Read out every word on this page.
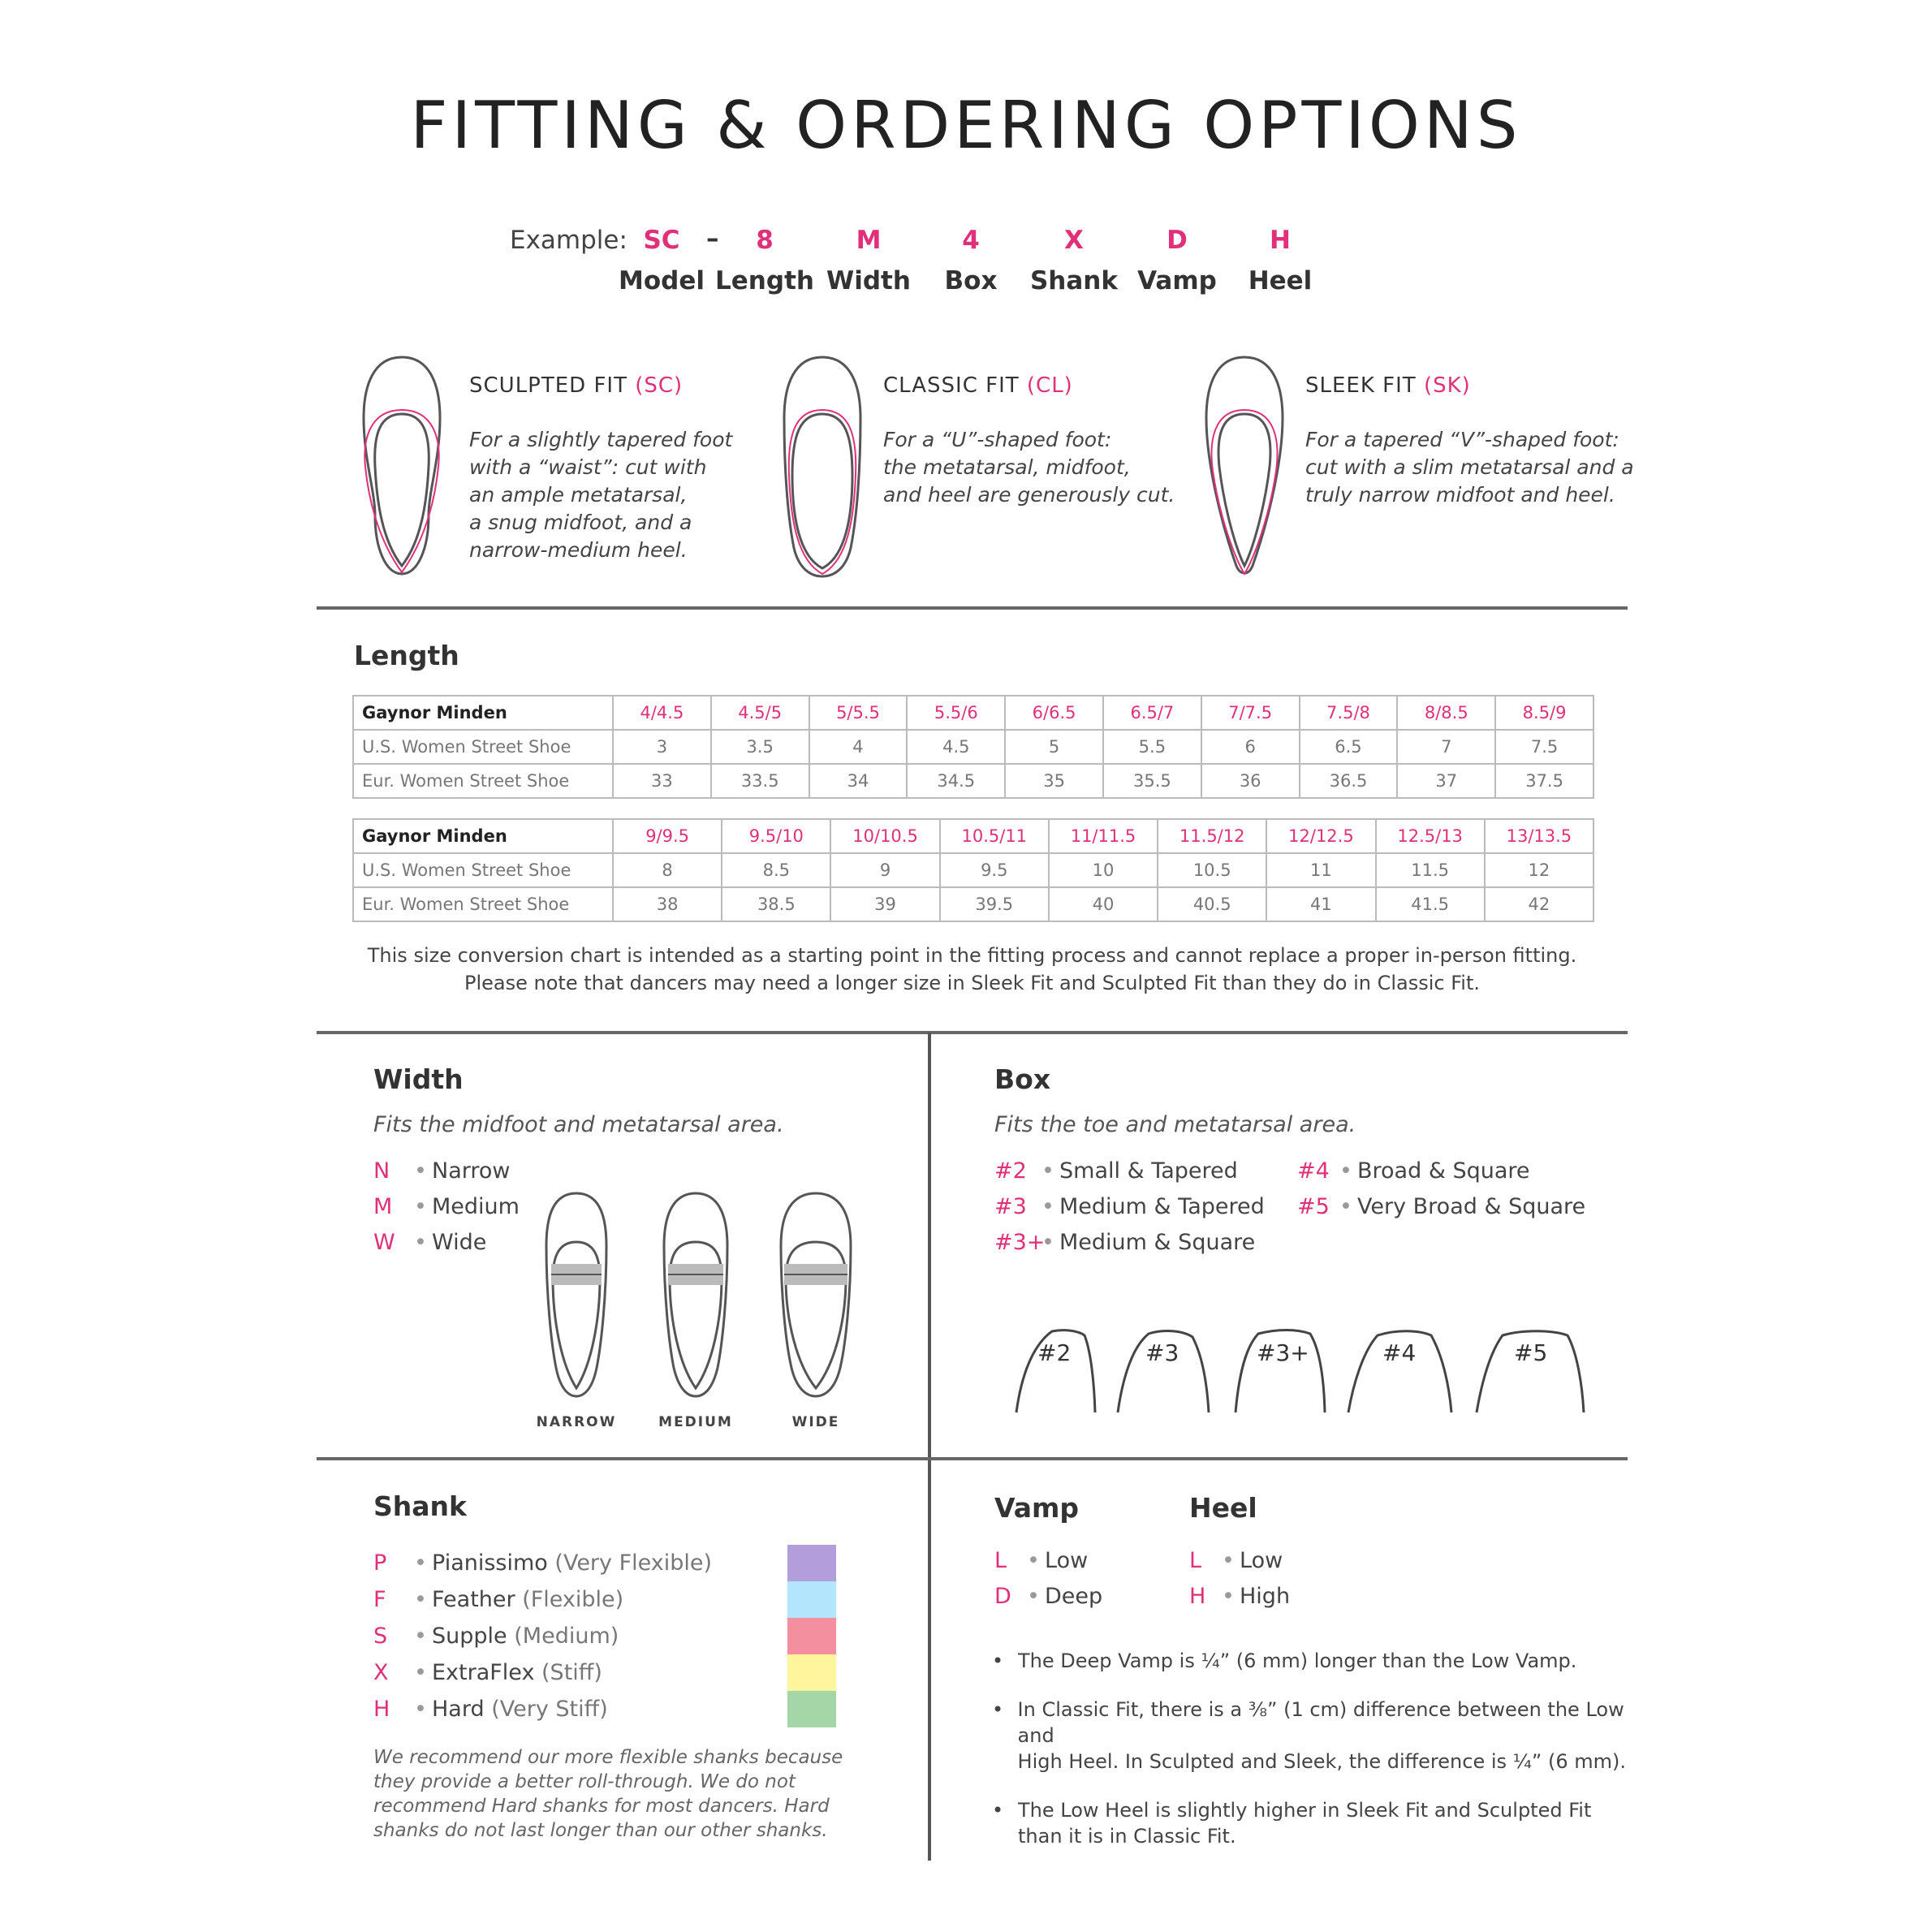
FITTING & ORDERING OPTIONS
Example: SC	–	8	M	4	X	D	H
Model Length Width	Box	Shank Vamp	Heel
SCULPTED FIT (SC)
For a slightly tapered foot
with a “waist”: cut with
an ample metatarsal,
a snug midfoot, and a
narrow-medium heel.
CLASSIC FIT (CL)
For a “U”-shaped foot:
the metatarsal, midfoot,
and heel are generously cut.
SLEEK FIT (SK)
For a tapered “V”-shaped foot:
cut with a slim metatarsal and a
truly narrow midfoot and heel.
Length
Gaynor Minden	4/4.5	4.5/5	5/5.5	5.5/6	6/6.5	6.5/7	7/7.5	7.5/8	8/8.5	8.5/9
U.S. Women Street Shoe	3	3.5	4	4.5	5	5.5	6	6.5	7	7.5
Eur. Women Street Shoe	33	33.5	34	34.5	35	35.5	36	36.5	37	37.5
Gaynor Minden	9/9.5	9.5/10	10/10.5	10.5/11	11/11.5	11.5/12	12/12.5	12.5/13	13/13.5
U.S. Women Street Shoe	8	8.5	9	9.5	10	10.5	11	11.5	12
Eur. Women Street Shoe	38	38.5	39	39.5	40	40.5	41	41.5	42
This size conversion chart is intended as a starting point in the fitting process and cannot replace a proper in-person fitting.
Please note that dancers may need a longer size in Sleek Fit and Sculpted Fit than they do in Classic Fit.
Width
Fits the midfoot and metatarsal area.
N	• Narrow
M • Medium
W • Wide
NARROW	MEDIUM	WIDE
Box
Fits the toe and metatarsal area.
#2 • Small & Tapered
#3 • Medium & Tapered
#3+
• Medium & Square
#4 • Broad & Square
#5 • Very Broad & Square
#2	#3	#3+	#4	#5
Shank
P	• Pianissimo
(Very Flexible)
F	• Feather
(Flexible)
S	• Supple
(Medium)
X	• ExtraFlex
(Stiff)
H	• Hard
(Very Stiff)
We recommend our more flexible shanks because
they provide a better roll-through. We do not
recommend Hard shanks for most dancers. Hard
shanks do not last longer than our other shanks.
Vamp
L • Low
D • Deep
Heel
L • Low
H • High
• The Deep Vamp is ¼” (6 mm) longer than the Low Vamp.
• In Classic Fit, there is a ⅜” (1 cm) difference between the Low and
High Heel. In Sculpted and Sleek, the difference is ¼” (6 mm).
• The Low Heel is slightly higher in Sleek Fit and Sculpted Fit
than it is in Classic Fit.
